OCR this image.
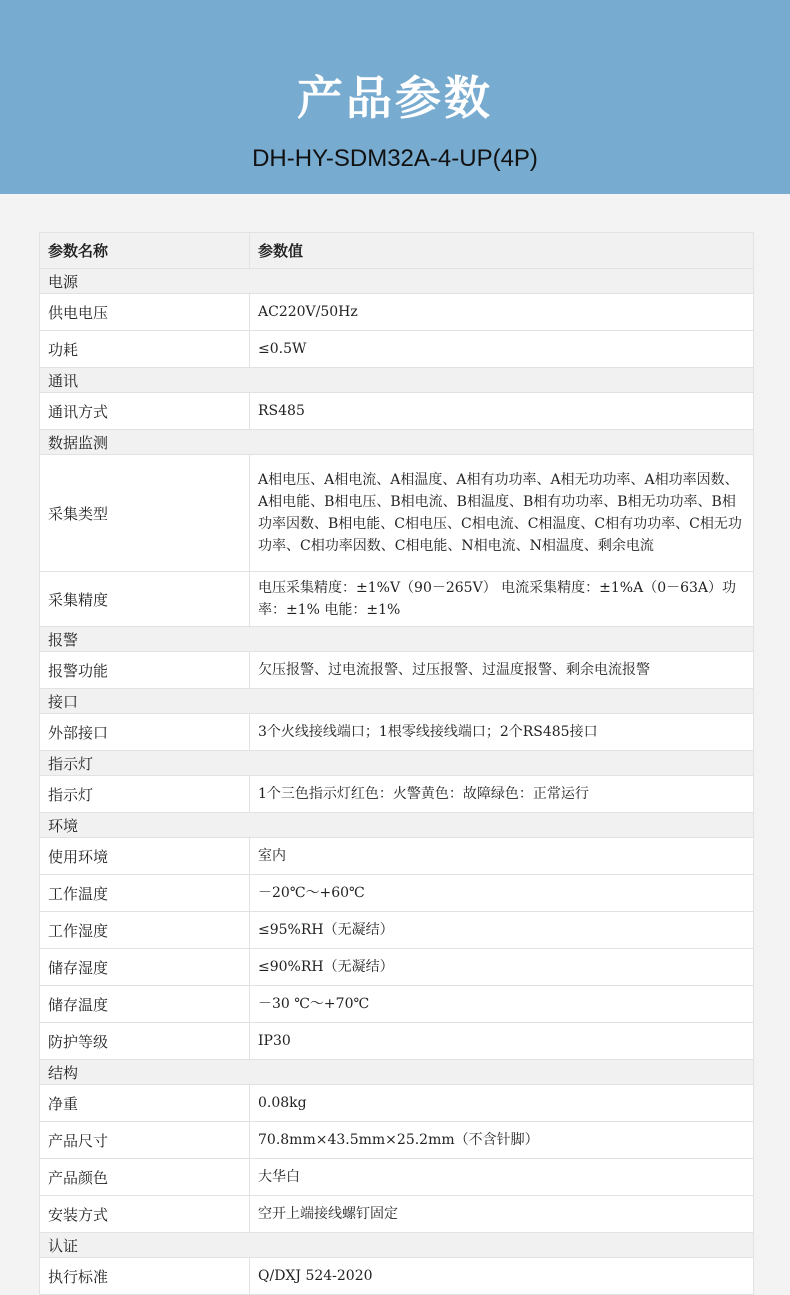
产品参数
DH-HY-SDM32A-4-UP(4P)
参数名称	参数值
电源	
供电电压	AC220V/50Hz
功耗	≤0.5W
通讯	
通讯方式	RS485
数据监测	
采集类型	A相电压、A相电流、A相温度、A相有功功率、A相无功功率、A相功率因数、A相电能、B相电压、B相电流、B相温度、B相有功功率、B相无功功率、B相功率因数、B相电能、C相电压、C相电流、C相温度、C相有功功率、C相无功功率、C相功率因数、C相电能、N相电流、N相温度、剩余电流
采集精度	电压采集精度：±1%V（90－265V） 电流采集精度：±1%A（0－63A）功率：±1% 电能：±1%
报警	
报警功能	欠压报警、过电流报警、过压报警、过温度报警、剩余电流报警
接口	
外部接口	3个火线接线端口；1根零线接线端口；2个RS485接口
指示灯	
指示灯	1个三色指示灯红色：火警黄色：故障绿色：正常运行
环境	
使用环境	室内
工作温度	－20℃～+60℃
工作湿度	≤95%RH（无凝结）
储存湿度	≤90%RH（无凝结）
储存温度	－30 ℃～+70℃
防护等级	IP30
结构	
净重	0.08kg
产品尺寸	70.8mm×43.5mm×25.2mm（不含针脚）
产品颜色	大华白
安装方式	空开上端接线螺钉固定
认证	
执行标准	Q/DXJ 524-2020
